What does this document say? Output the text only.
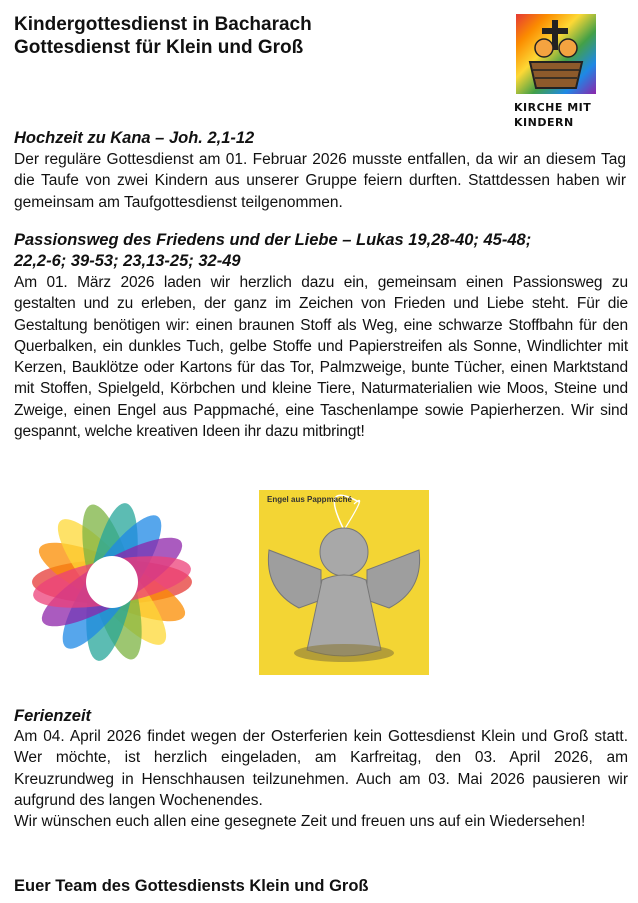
Kindergottesdienst in Bacharach
Gottesdienst für Klein und Groß
KIRCHE MIT
KINDERN
Hochzeit zu Kana – Joh. 2,1-12

Der reguläre Gottesdienst am 01. Februar 2026 musste entfallen, da wir an diesem Tag die Taufe von zwei Kindern aus unserer Gruppe feiern durften. Stattdessen haben wir gemeinsam am Taufgottesdienst teilgenommen.

Passionsweg des Friedens und der Liebe – Lukas 19,28-40; 45-48;
22,2-6; 39-53; 23,13-25; 32-49

Am 01. März 2026 laden wir herzlich dazu ein, gemeinsam einen Passionsweg zu gestalten und zu erleben, der ganz im Zeichen von Frieden und Liebe steht. Für die Gestaltung benötigen wir: einen braunen Stoff als Weg, eine schwarze Stoffbahn für den Querbalken, ein dunkles Tuch, gelbe Stoffe und Papierstreifen als Sonne, Windlichter mit Kerzen, Bauklötze oder Kartons für das Tor, Palmzweige, bunte Tücher, einen Marktstand mit Stoffen, Spielgeld, Körbchen und kleine Tiere, Naturmaterialien wie Moos, Steine und Zweige, einen Engel aus Pappmaché, eine Taschenlampe sowie Papierherzen. Wir sind gespannt, welche kreativen Ideen ihr dazu mitbringt!

Engel aus Pappmaché
Ferienzeit

Am 04. April 2026 findet wegen der Osterferien kein Gottesdienst Klein und Groß statt. Wer möchte, ist herzlich eingeladen, am Karfreitag, den 03. April 2026, am Kreuzrundweg in Henschhausen teilzunehmen. Auch am 03. Mai 2026 pausieren wir aufgrund des langen Wochenendes.

Wir wünschen euch allen eine gesegnete Zeit und freuen uns auf ein Wiedersehen!

Euer Team des Gottesdiensts Klein und Groß
